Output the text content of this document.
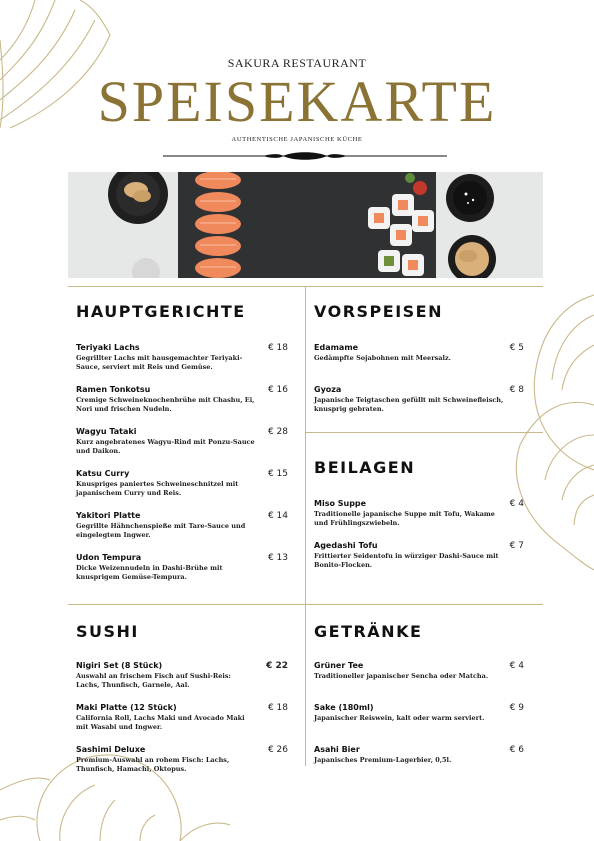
SAKURA RESTAURANT
SPEISEKARTE
AUTHENTISCHE JAPANISCHE KÜCHE
HAUPTGERICHTE
Teriyaki Lachs
Gegrillter Lachs mit hausgemachter Teriyaki-Sauce, serviert mit Reis und Gemüse.
€ 18
Ramen Tonkotsu
Cremige Schweineknochenbrühe mit Chashu, Ei, Nori und frischen Nudeln.
€ 16
Wagyu Tataki
Kurz angebratenes Wagyu-Rind mit Ponzu-Sauce und Daikon.
€ 28
Katsu Curry
Knuspriges paniertes Schweineschnitzel mit japanischem Curry und Reis.
€ 15
Yakitori Platte
Gegrillte Hähnchenspieße mit Tare-Sauce und eingelegtem Ingwer.
€ 14
Udon Tempura
Dicke Weizennudeln in Dashi-Brühe mit knusprigem Gemüse-Tempura.
€ 13
VORSPEISEN
Edamame
Gedämpfte Sojabohnen mit Meersalz.
€ 5
Gyoza
Japanische Teigtaschen gefüllt mit Schweinefleisch, knusprig gebraten.
€ 8
BEILAGEN
Miso Suppe
Traditionelle japanische Suppe mit Tofu, Wakame und Frühlingszwiebeln.
€ 4
Agedashi Tofu
Frittierter Seidentofu in würziger Dashi-Sauce mit Bonito-Flocken.
€ 7
SUSHI
Nigiri Set (8 Stück)
Auswahl an frischem Fisch auf Sushi-Reis: Lachs, Thunfisch, Garnele, Aal.
€ 22
Maki Platte (12 Stück)
California Roll, Lachs Maki und Avocado Maki mit Wasabi und Ingwer.
€ 18
Sashimi Deluxe
Premium-Auswahl an rohem Fisch: Lachs, Thunfisch, Hamachi, Oktopus.
€ 26
GETRÄNKE
Grüner Tee
Traditioneller japanischer Sencha oder Matcha.
€ 4
Sake (180ml)
Japanischer Reiswein, kalt oder warm serviert.
€ 9
Asahi Bier
Japanisches Premium-Lagerbier, 0,5l.
€ 6
